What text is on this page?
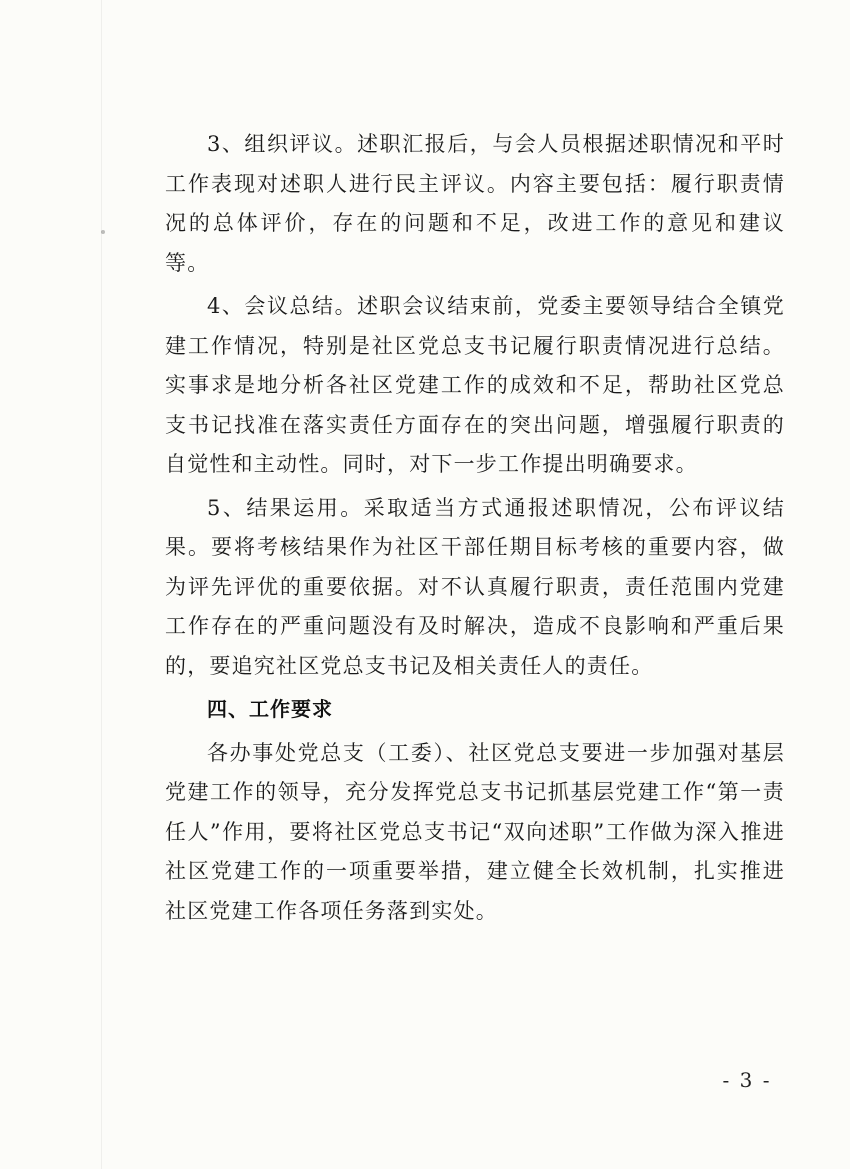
3、组织评议。述职汇报后，与会人员根据述职情况和平时工作表现对述职人进行民主评议。内容主要包括：履行职责情况的总体评价，存在的问题和不足，改进工作的意见和建议等。

4、会议总结。述职会议结束前，党委主要领导结合全镇党建工作情况，特别是社区党总支书记履行职责情况进行总结。实事求是地分析各社区党建工作的成效和不足，帮助社区党总支书记找准在落实责任方面存在的突出问题，增强履行职责的自觉性和主动性。同时，对下一步工作提出明确要求。

5、结果运用。采取适当方式通报述职情况，公布评议结果。要将考核结果作为社区干部任期目标考核的重要内容，做为评先评优的重要依据。对不认真履行职责，责任范围内党建工作存在的严重问题没有及时解决，造成不良影响和严重后果的，要追究社区党总支书记及相关责任人的责任。

四、工作要求

各办事处党总支（工委）、社区党总支要进一步加强对基层党建工作的领导，充分发挥党总支书记抓基层党建工作“第一责任人”作用，要将社区党总支书记“双向述职”工作做为深入推进社区党建工作的一项重要举措，建立健全长效机制，扎实推进社区党建工作各项任务落到实处。

- 3 -
